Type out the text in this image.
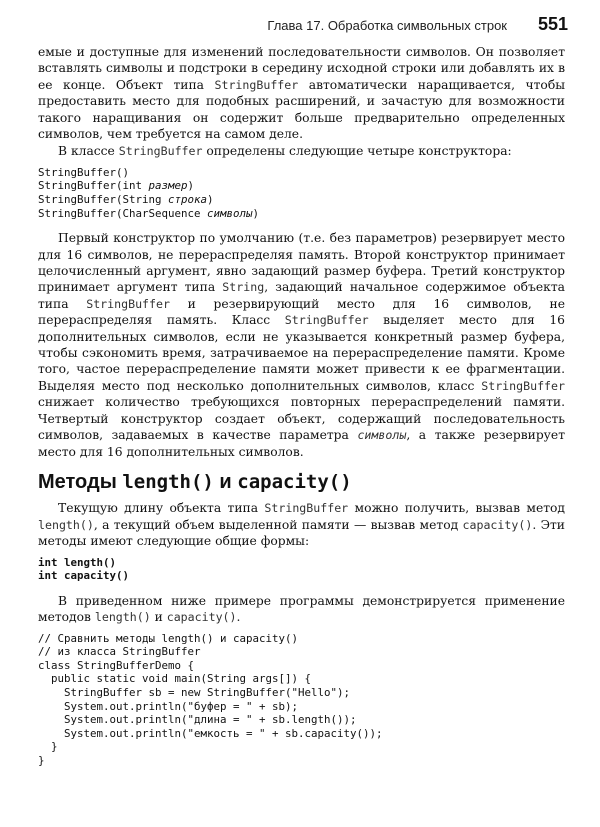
Глава 17. Обработка символьных строк 551

емые и доступные для изменений последовательности символов. Он позволяет вставлять символы и подстроки в середину исходной строки или добавлять их в ее конце. Объект типа StringBuffer автоматически наращивается, чтобы предоставить место для подобных расширений, и зачастую для возможности такого наращивания он содержит больше предварительно определенных символов, чем требуется на самом деле.

В классе StringBuffer определены следующие четыре конструктора:

StringBuffer()
StringBuffer(int размер)
StringBuffer(String строка)
StringBuffer(CharSequence символы)

Первый конструктор по умолчанию (т.е. без параметров) резервирует место для 16 символов, не перераспределяя память. Второй конструктор принимает целочисленный аргумент, явно задающий размер буфера. Третий конструктор принимает аргумент типа String, задающий начальное содержимое объекта типа StringBuffer и резервирующий место для 16 символов, не перераспределяя память. Класс StringBuffer выделяет место для 16 дополнительных символов, если не указывается конкретный размер буфера, чтобы сэкономить время, затрачиваемое на перераспределение памяти. Кроме того, частое перераспределение памяти может привести к ее фрагментации. Выделяя место под несколько дополнительных символов, класс StringBuffer снижает количество требующихся повторных перераспределений памяти. Четвертый конструктор создает объект, содержащий последовательность символов, задаваемых в качестве параметра символы, а также резервирует место для 16 дополнительных символов.

Методы length() и capacity()

Текущую длину объекта типа StringBuffer можно получить, вызвав метод length(), а текущий объем выделенной памяти — вызвав метод capacity(). Эти методы имеют следующие общие формы:

int length()
int capacity()

В приведенном ниже примере программы демонстрируется применение методов length() и capacity().

// Сравнить методы length() и capacity()
// из класса StringBuffer
class StringBufferDemo {
public static void main(String args[]) {
StringBuffer sb = new StringBuffer("Hello");
System.out.println("буфер = " + sb);
System.out.println("длина = " + sb.length());
System.out.println("емкость = " + sb.capacity());
}
}
